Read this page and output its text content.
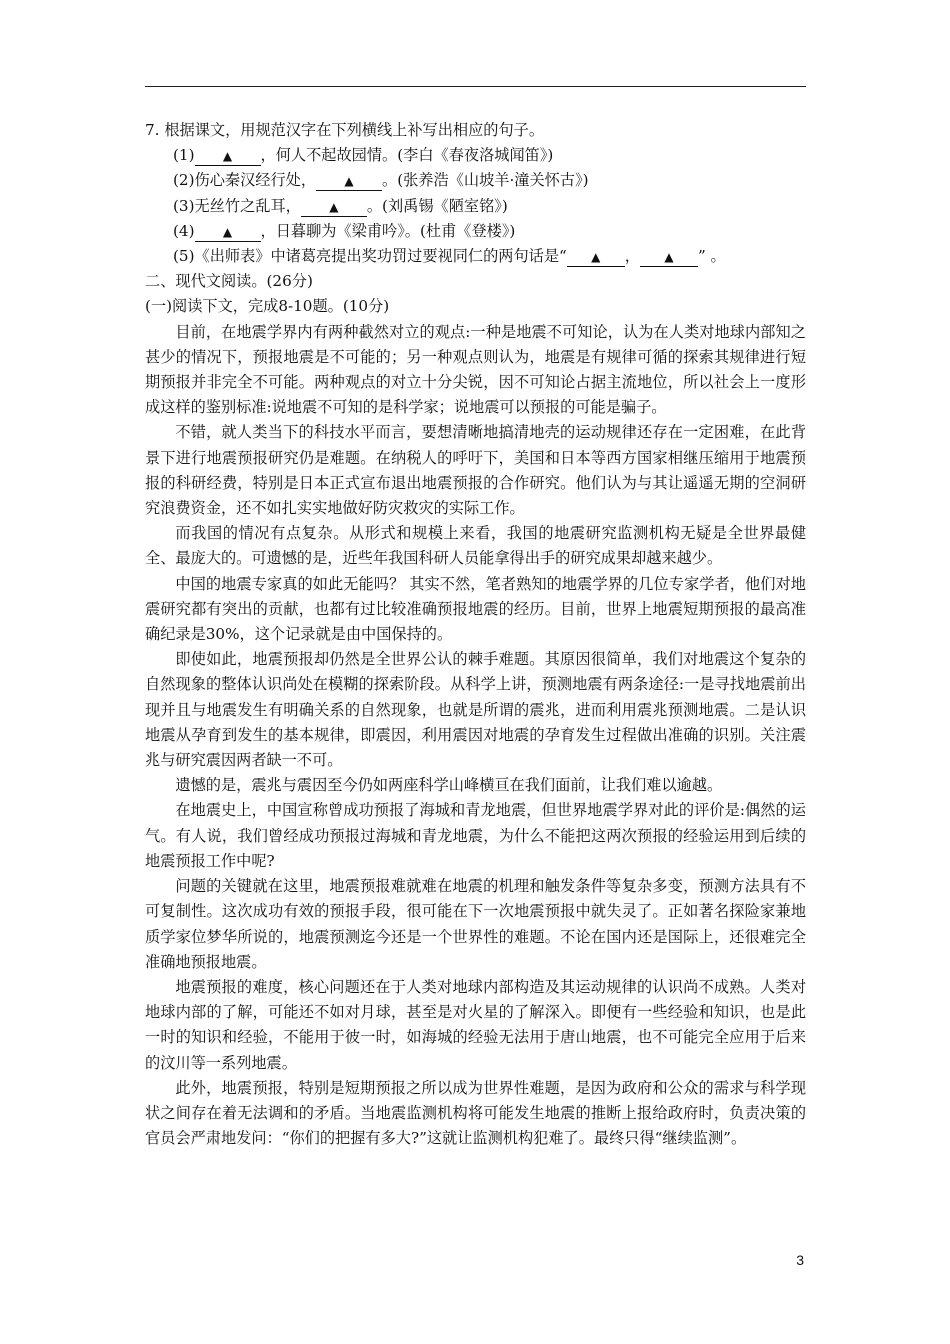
7. 根据课文，用规范汉字在下列横线上补写出相应的句子。
(1) ▲ ，何人不起故园情。(李白《春夜洛城闻笛》)
(2)伤心秦汉经行处， ▲ 。(张养浩《山坡羊·潼关怀古》)
(3)无丝竹之乱耳， ▲ 。(刘禹锡《陋室铭》)
(4) ▲ ，日暮聊为《梁甫吟》。(杜甫《登楼》)
(5)《出师表》中诸葛亮提出奖功罚过要视同仁的两句话是“ ▲ ， ▲ ” 。
二、现代文阅读。(26分)
(一)阅读下文，完成8-10题。(10分)

目前，在地震学界内有两种截然对立的观点:一种是地震不可知论，认为在人类对地球内部知之甚少的情况下，预报地震是不可能的；另一种观点则认为，地震是有规律可循的探索其规律进行短期预报并非完全不可能。两种观点的对立十分尖锐，因不可知论占据主流地位，所以社会上一度形成这样的鉴别标准:说地震不可知的是科学家；说地震可以预报的可能是骗子。

不错，就人类当下的科技水平而言，要想清晰地搞清地壳的运动规律还存在一定困难，在此背景下进行地震预报研究仍是难题。在纳税人的呼吁下，美国和日本等西方国家相继压缩用于地震预报的科研经费，特别是日本正式宣布退出地震预报的合作研究。他们认为与其让遥遥无期的空洞研究浪费资金，还不如扎实实地做好防灾救灾的实际工作。

而我国的情况有点复杂。从形式和规模上来看，我国的地震研究监测机构无疑是全世界最健全、最庞大的。可遗憾的是，近些年我国科研人员能拿得出手的研究成果却越来越少。

中国的地震专家真的如此无能吗？ 其实不然，笔者熟知的地震学界的几位专家学者，他们对地震研究都有突出的贡献，也都有过比较准确预报地震的经历。目前，世界上地震短期预报的最高准确纪录是30%，这个记录就是由中国保持的。

即使如此，地震预报却仍然是全世界公认的棘手难题。其原因很简单，我们对地震这个复杂的自然现象的整体认识尚处在模糊的探索阶段。从科学上讲，预测地震有两条途径:一是寻找地震前出现并且与地震发生有明确关系的自然现象，也就是所谓的震兆，进而利用震兆预测地震。二是认识地震从孕育到发生的基本规律，即震因，利用震因对地震的孕育发生过程做出准确的识别。关注震兆与研究震因两者缺一不可。

遗憾的是，震兆与震因至今仍如两座科学山峰横亘在我们面前，让我们难以逾越。

在地震史上，中国宣称曾成功预报了海城和青龙地震，但世界地震学界对此的评价是:偶然的运气。有人说，我们曾经成功预报过海城和青龙地震，为什么不能把这两次预报的经验运用到后续的地震预报工作中呢?

问题的关键就在这里，地震预报难就难在地震的机理和触发条件等复杂多变，预测方法具有不可复制性。这次成功有效的预报手段，很可能在下一次地震预报中就失灵了。正如著名探险家兼地质学家位梦华所说的，地震预测迄今还是一个世界性的难题。不论在国内还是国际上，还很难完全准确地预报地震。

地震预报的难度，核心问题还在于人类对地球内部构造及其运动规律的认识尚不成熟。人类对地球内部的了解，可能还不如对月球，甚至是对火星的了解深入。即便有一些经验和知识，也是此一时的知识和经验，不能用于彼一时，如海城的经验无法用于唐山地震，也不可能完全应用于后来的汶川等一系列地震。

此外，地震预报，特别是短期预报之所以成为世界性难题，是因为政府和公众的需求与科学现状之间存在着无法调和的矛盾。当地震监测机构将可能发生地震的推断上报给政府时，负责决策的官员会严肃地发问：“你们的把握有多大?”这就让监测机构犯难了。最终只得“继续监测”。

3
